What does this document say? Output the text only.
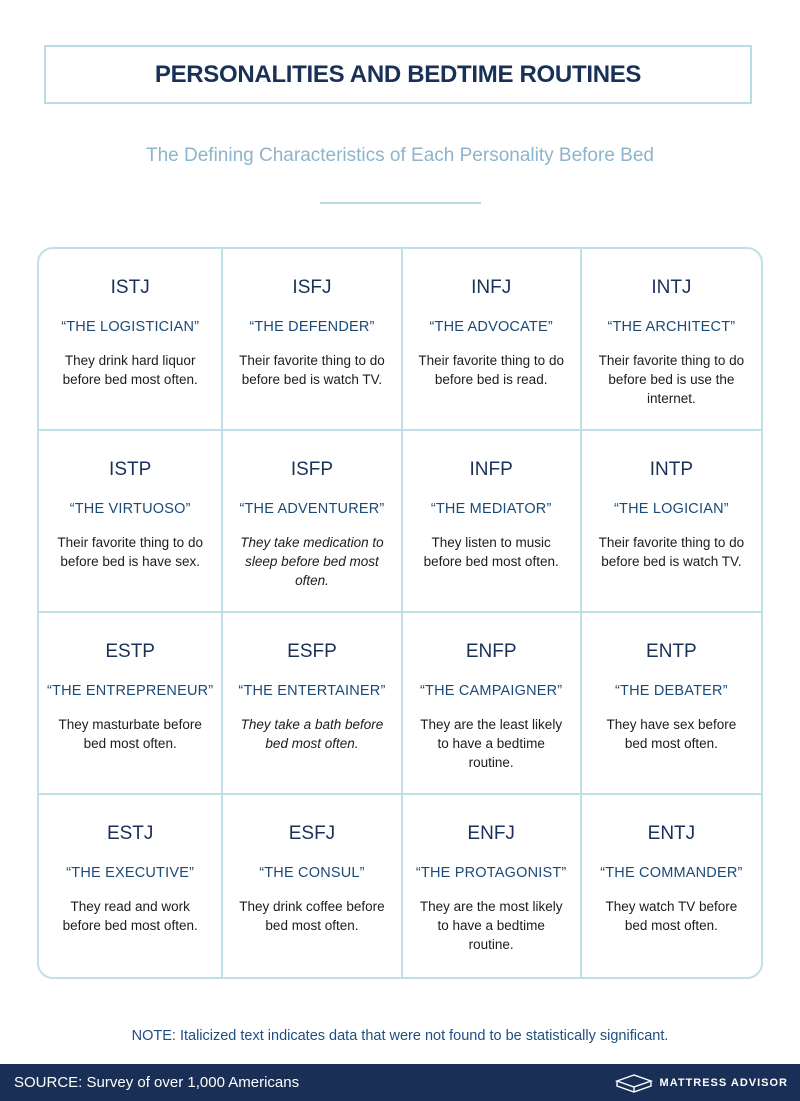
PERSONALITIES AND BEDTIME ROUTINES
The Defining Characteristics of Each Personality Before Bed
ISTJ
“THE LOGISTICIAN”
They drink hard liquor before bed most often.
ISFJ
“THE DEFENDER”
Their favorite thing to do before bed is watch TV.
INFJ
“THE ADVOCATE”
Their favorite thing to do before bed is read.
INTJ
“THE ARCHITECT”
Their favorite thing to do before bed is use the internet.
ISTP
“THE VIRTUOSO”
Their favorite thing to do before bed is have sex.
ISFP
“THE ADVENTURER”
They take medication to sleep before bed most often.
INFP
“THE MEDIATOR”
They listen to music before bed most often.
INTP
“THE LOGICIAN”
Their favorite thing to do before bed is watch TV.
ESTP
“THE ENTREPRENEUR”
They masturbate before bed most often.
ESFP
“THE ENTERTAINER”
They take a bath before bed most often.
ENFP
“THE CAMPAIGNER”
They are the least likely to have a bedtime routine.
ENTP
“THE DEBATER”
They have sex before bed most often.
ESTJ
“THE EXECUTIVE”
They read and work before bed most often.
ESFJ
“THE CONSUL”
They drink coffee before bed most often.
ENFJ
“THE PROTAGONIST”
They are the most likely to have a bedtime routine.
ENTJ
“THE COMMANDER”
They watch TV before bed most often.
NOTE: Italicized text indicates data that were not found to be statistically significant.
SOURCE: Survey of over 1,000 Americans	MATTRESS ADVISOR
